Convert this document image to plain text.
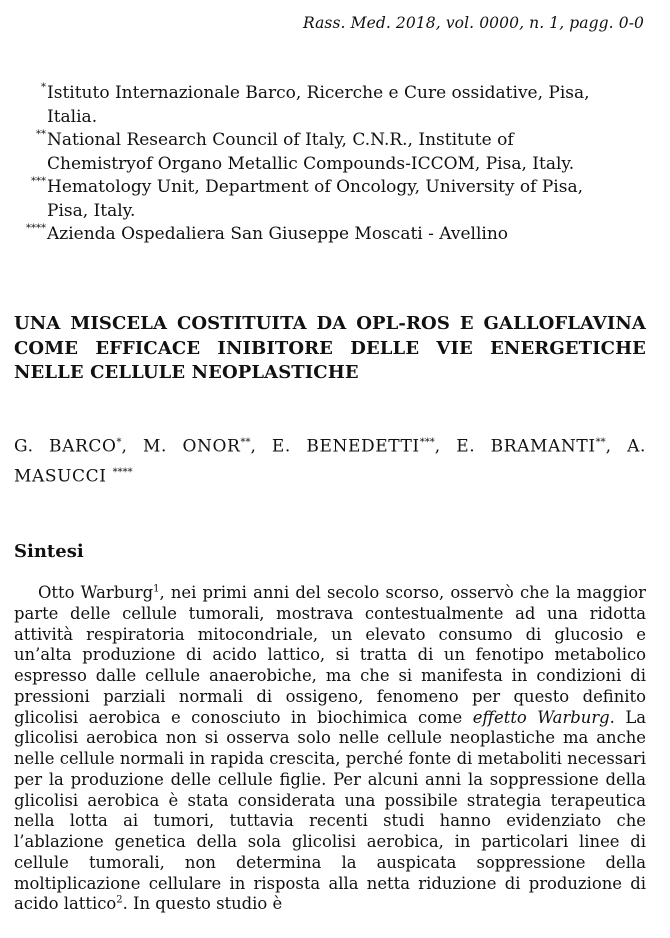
Rass. Med. 2018, vol. 0000, n. 1, pagg. 0-0
* Istituto Internazionale Barco, Ricerche e Cure ossidative, Pisa,
Italia.
** National Research Council of Italy, C.N.R., Institute of
Chemistryof Organo Metallic Compounds-ICCOM, Pisa, Italy.
*** Hematology Unit, Department of Oncology, University of Pisa,
Pisa, Italy.
**** Azienda Ospedaliera San Giuseppe Moscati - Avellino
UNA MISCELA COSTITUITA DA OPL-ROS E GALLOFLAVINA COME EFFICACE INIBITORE DELLE VIE ENERGETICHE NELLE CELLULE NEOPLASTICHE
G. BARCO*, M. ONOR**, E. BENEDETTI***, E. BRAMANTI**, A. MASUCCI ****
Sintesi

Otto Warburg$^1$, nei primi anni del secolo scorso, osservò che la maggior parte delle cellule tumorali, mostrava contestualmente ad una ridotta attività respiratoria mitocondriale, un elevato consumo di glucosio e un’alta produzione di acido lattico, si tratta di un fenotipo metabolico espresso dalle cellule anaerobiche, ma che si manifesta in condizioni di pressioni parziali normali di ossigeno, fenomeno per questo definito glicolisi aerobica e conosciuto in biochimica come effetto Warburg. La glicolisi aerobica non si osserva solo nelle cellule neoplastiche ma anche nelle cellule normali in rapida crescita, perché fonte di metaboliti necessari per la produzione delle cellule figlie. Per alcuni anni la soppressione della glicolisi aerobica è stata considerata una possibile strategia terapeutica nella lotta ai tumori, tuttavia recenti studi hanno evidenziato che l’ablazione genetica della sola glicolisi aerobica, in particolari linee di cellule tumorali, non determina la auspicata soppressione della moltiplicazione cellulare in risposta alla netta riduzione di produzione di acido lattico$^2$. In questo studio è
